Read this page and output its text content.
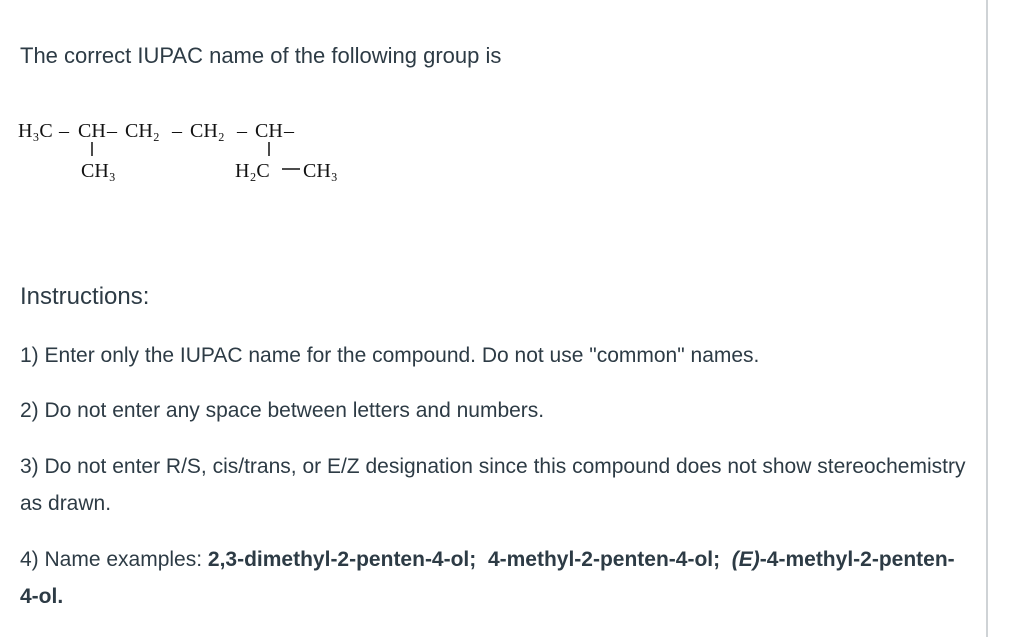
The correct IUPAC name of the following group is
H₃C – CH – CH₂ – CH₂ – CH –
CH₃	H₂C CH₃
Instructions:
1) Enter only the IUPAC name for the compound. Do not use "common" names.
2) Do not enter any space between letters and numbers.
3) Do not enter R/S, cis/trans, or E/Z designation since this compound does not show stereochemistry as drawn.
4) Name examples: 2,3-dimethyl-2-penten-4-ol; 4-methyl-2-penten-4-ol; (E)-4-methyl-2-penten-4-ol.
